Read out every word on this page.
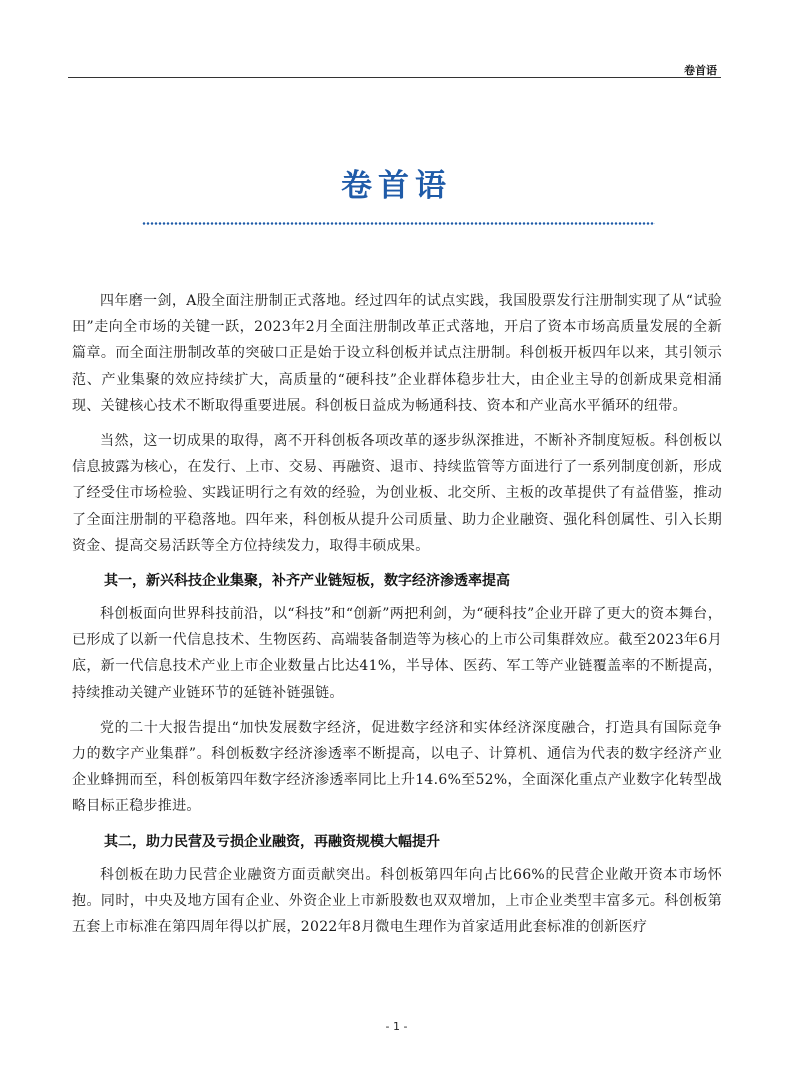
卷首语
卷首语

四年磨一剑，A股全面注册制正式落地。经过四年的试点实践，我国股票发行注册制实现了从“试验田”走向全市场的关键一跃，2023年2月全面注册制改革正式落地，开启了资本市场高质量发展的全新篇章。而全面注册制改革的突破口正是始于设立科创板并试点注册制。科创板开板四年以来，其引领示范、产业集聚的效应持续扩大，高质量的“硬科技”企业群体稳步壮大，由企业主导的创新成果竞相涌现、关键核心技术不断取得重要进展。科创板日益成为畅通科技、资本和产业高水平循环的纽带。

当然，这一切成果的取得，离不开科创板各项改革的逐步纵深推进，不断补齐制度短板。科创板以信息披露为核心，在发行、上市、交易、再融资、退市、持续监管等方面进行了一系列制度创新，形成了经受住市场检验、实践证明行之有效的经验，为创业板、北交所、主板的改革提供了有益借鉴，推动了全面注册制的平稳落地。四年来，科创板从提升公司质量、助力企业融资、强化科创属性、引入长期资金、提高交易活跃等全方位持续发力，取得丰硕成果。

其一，新兴科技企业集聚，补齐产业链短板，数字经济渗透率提高

科创板面向世界科技前沿，以“科技”和“创新”两把利剑，为“硬科技”企业开辟了更大的资本舞台，已形成了以新一代信息技术、生物医药、高端装备制造等为核心的上市公司集群效应。截至2023年6月底，新一代信息技术产业上市企业数量占比达41%，半导体、医药、军工等产业链覆盖率的不断提高，持续推动关键产业链环节的延链补链强链。

党的二十大报告提出“加快发展数字经济，促进数字经济和实体经济深度融合，打造具有国际竞争力的数字产业集群”。科创板数字经济渗透率不断提高，以电子、计算机、通信为代表的数字经济产业企业蜂拥而至，科创板第四年数字经济渗透率同比上升14.6%至52%，全面深化重点产业数字化转型战略目标正稳步推进。

其二，助力民营及亏损企业融资，再融资规模大幅提升

科创板在助力民营企业融资方面贡献突出。科创板第四年向占比66%的民营企业敞开资本市场怀抱。同时，中央及地方国有企业、外资企业上市新股数也双双增加，上市企业类型丰富多元。科创板第五套上市标准在第四周年得以扩展，2022年8月微电生理作为首家适用此套标准的创新医疗

- 1 -
